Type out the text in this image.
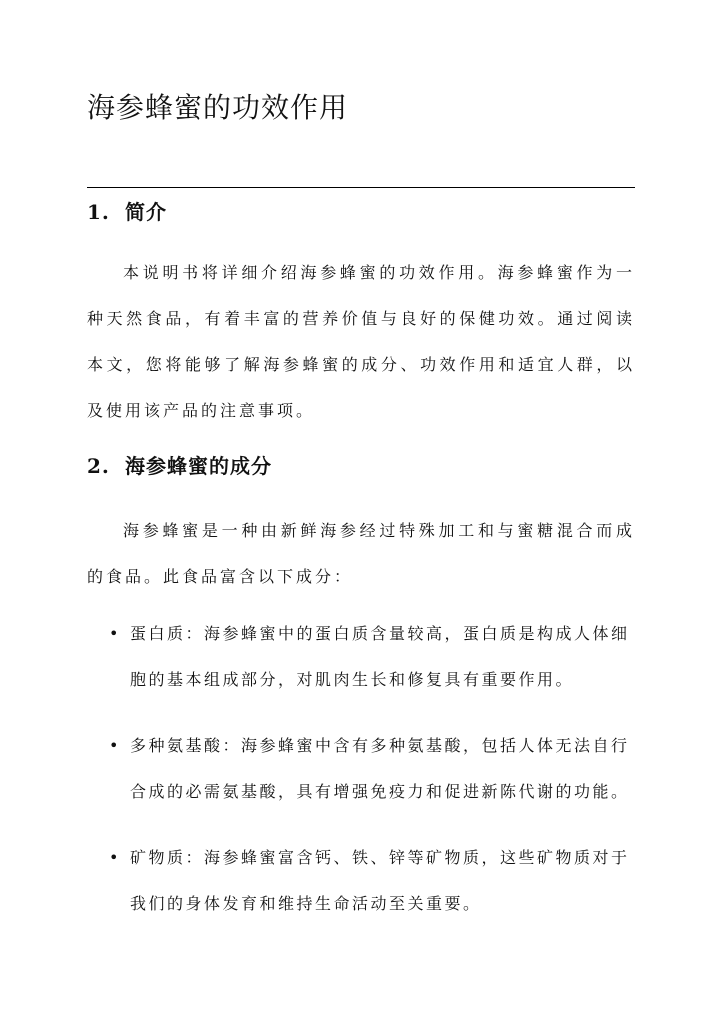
海参蜂蜜的功效作用
1. 简介

本说明书将详细介绍海参蜂蜜的功效作用。海参蜂蜜作为一种天然食品，有着丰富的营养价值与良好的保健功效。通过阅读本文，您将能够了解海参蜂蜜的成分、功效作用和适宜人群，以及使用该产品的注意事项。

2. 海参蜂蜜的成分

海参蜂蜜是一种由新鲜海参经过特殊加工和与蜜糖混合而成的食品。此食品富含以下成分：

• 蛋白质：海参蜂蜜中的蛋白质含量较高，蛋白质是构成人体细胞的基本组成部分，对肌肉生长和修复具有重要作用。
• 多种氨基酸：海参蜂蜜中含有多种氨基酸，包括人体无法自行合成的必需氨基酸，具有增强免疫力和促进新陈代谢的功能。
• 矿物质：海参蜂蜜富含钙、铁、锌等矿物质，这些矿物质对于我们的身体发育和维持生命活动至关重要。
